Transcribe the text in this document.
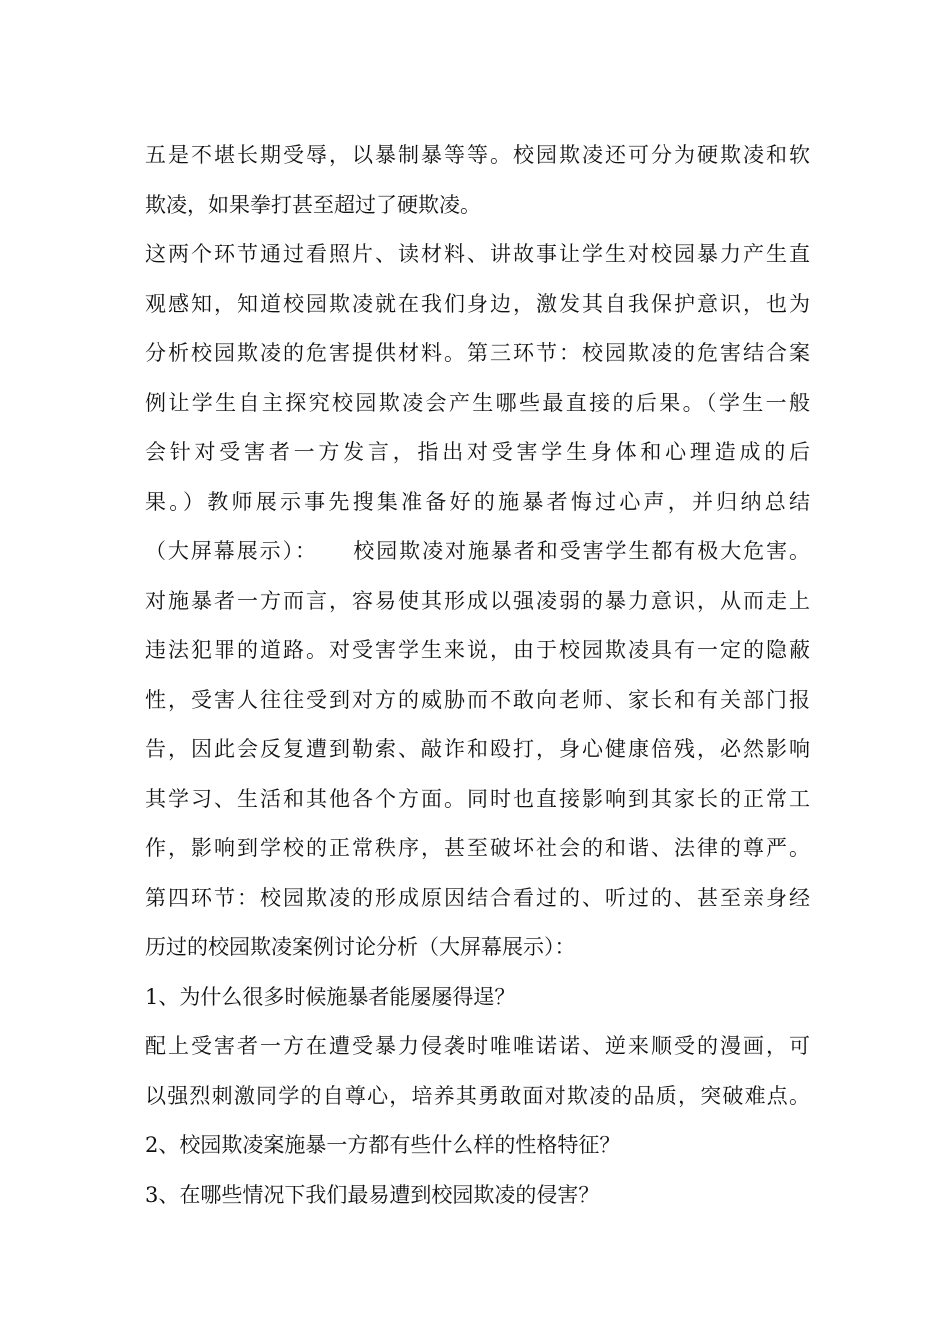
五是不堪长期受辱，以暴制暴等等。校园欺凌还可分为硬欺凌和软
欺凌，如果拳打甚至超过了硬欺凌。
这两个环节通过看照片、读材料、讲故事让学生对校园暴力产生直
观感知，知道校园欺凌就在我们身边，激发其自我保护意识，也为
分析校园欺凌的危害提供材料。第三环节：校园欺凌的危害结合案
例让学生自主探究校园欺凌会产生哪些最直接的后果。（学生一般
会针对受害者一方发言，指出对受害学生身体和心理造成的后
果。）教师展示事先搜集准备好的施暴者悔过心声，并归纳总结
（大屏幕展示）：　　校园欺凌对施暴者和受害学生都有极大危害。
对施暴者一方而言，容易使其形成以强凌弱的暴力意识，从而走上
违法犯罪的道路。对受害学生来说，由于校园欺凌具有一定的隐蔽
性，受害人往往受到对方的威胁而不敢向老师、家长和有关部门报
告，因此会反复遭到勒索、敲诈和殴打，身心健康倍残，必然影响
其学习、生活和其他各个方面。同时也直接影响到其家长的正常工
作，影响到学校的正常秩序，甚至破坏社会的和谐、法律的尊严。
第四环节：校园欺凌的形成原因结合看过的、听过的、甚至亲身经
历过的校园欺凌案例讨论分析（大屏幕展示）：
1、为什么很多时候施暴者能屡屡得逞？
配上受害者一方在遭受暴力侵袭时唯唯诺诺、逆来顺受的漫画，可
以强烈刺激同学的自尊心，培养其勇敢面对欺凌的品质，突破难点。
2、校园欺凌案施暴一方都有些什么样的性格特征？
3、在哪些情况下我们最易遭到校园欺凌的侵害？
